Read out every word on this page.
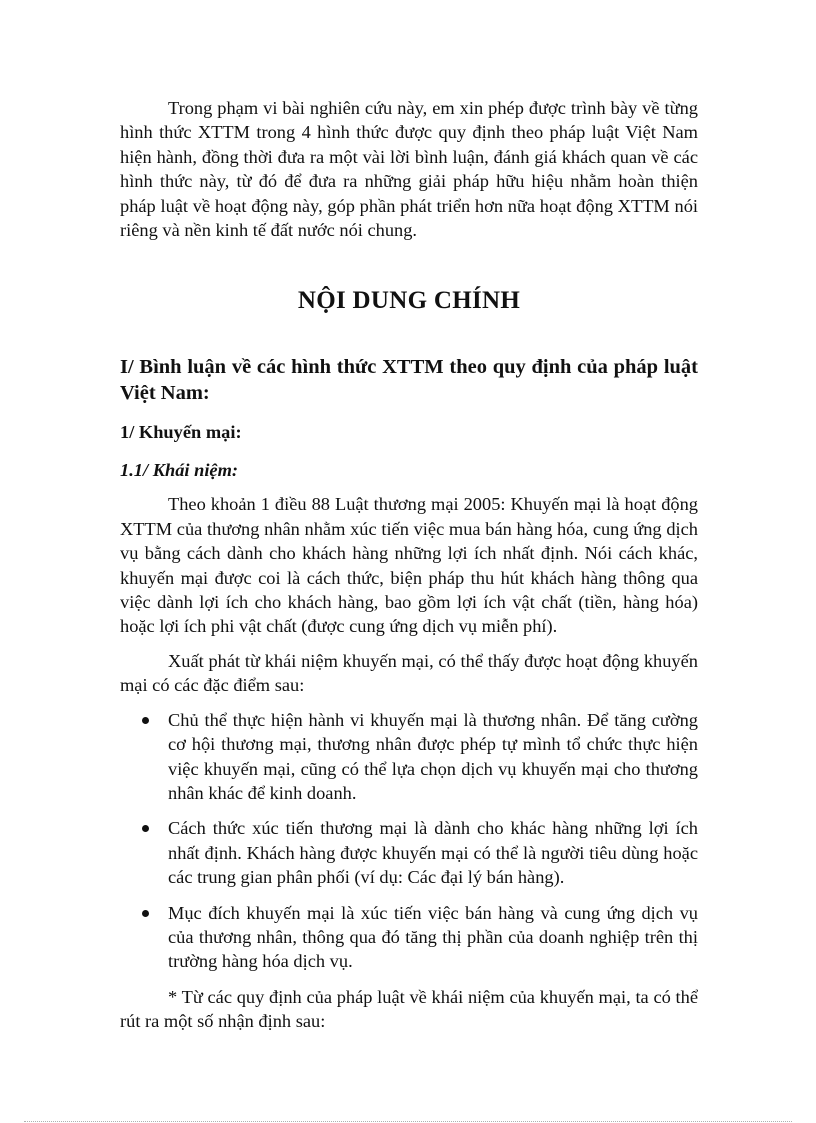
Trong phạm vi bài nghiên cứu này, em xin phép được trình bày về từng hình thức XTTM trong 4 hình thức được quy định theo pháp luật Việt Nam hiện hành, đồng thời đưa ra một vài lời bình luận, đánh giá khách quan về các hình thức này, từ đó để đưa ra những giải pháp hữu hiệu nhằm hoàn thiện pháp luật về hoạt động này, góp phần phát triển hơn nữa hoạt động XTTM nói riêng và nền kinh tế đất nước nói chung.

NỘI DUNG CHÍNH
I/ Bình luận về các hình thức XTTM theo quy định của pháp luật Việt Nam:
1/ Khuyến mại:
1.1/ Khái niệm:

Theo khoản 1 điều 88 Luật thương mại 2005: Khuyến mại là hoạt động XTTM của thương nhân nhằm xúc tiến việc mua bán hàng hóa, cung ứng dịch vụ bằng cách dành cho khách hàng những lợi ích nhất định. Nói cách khác, khuyến mại được coi là cách thức, biện pháp thu hút khách hàng thông qua việc dành lợi ích cho khách hàng, bao gồm lợi ích vật chất (tiền, hàng hóa) hoặc lợi ích phi vật chất (được cung ứng dịch vụ miễn phí).

Xuất phát từ khái niệm khuyến mại, có thể thấy được hoạt động khuyến mại có các đặc điểm sau:

Chủ thể thực hiện hành vi khuyến mại là thương nhân. Để tăng cường cơ hội thương mại, thương nhân được phép tự mình tổ chức thực hiện việc khuyến mại, cũng có thể lựa chọn dịch vụ khuyến mại cho thương nhân khác để kinh doanh.
Cách thức xúc tiến thương mại là dành cho khác hàng những lợi ích nhất định. Khách hàng được khuyến mại có thể là người tiêu dùng hoặc các trung gian phân phối (ví dụ: Các đại lý bán hàng).
Mục đích khuyến mại là xúc tiến việc bán hàng và cung ứng dịch vụ của thương nhân, thông qua đó tăng thị phần của doanh nghiệp trên thị trường hàng hóa dịch vụ.

* Từ các quy định của pháp luật về khái niệm của khuyến mại, ta có thể rút ra một số nhận định sau:
